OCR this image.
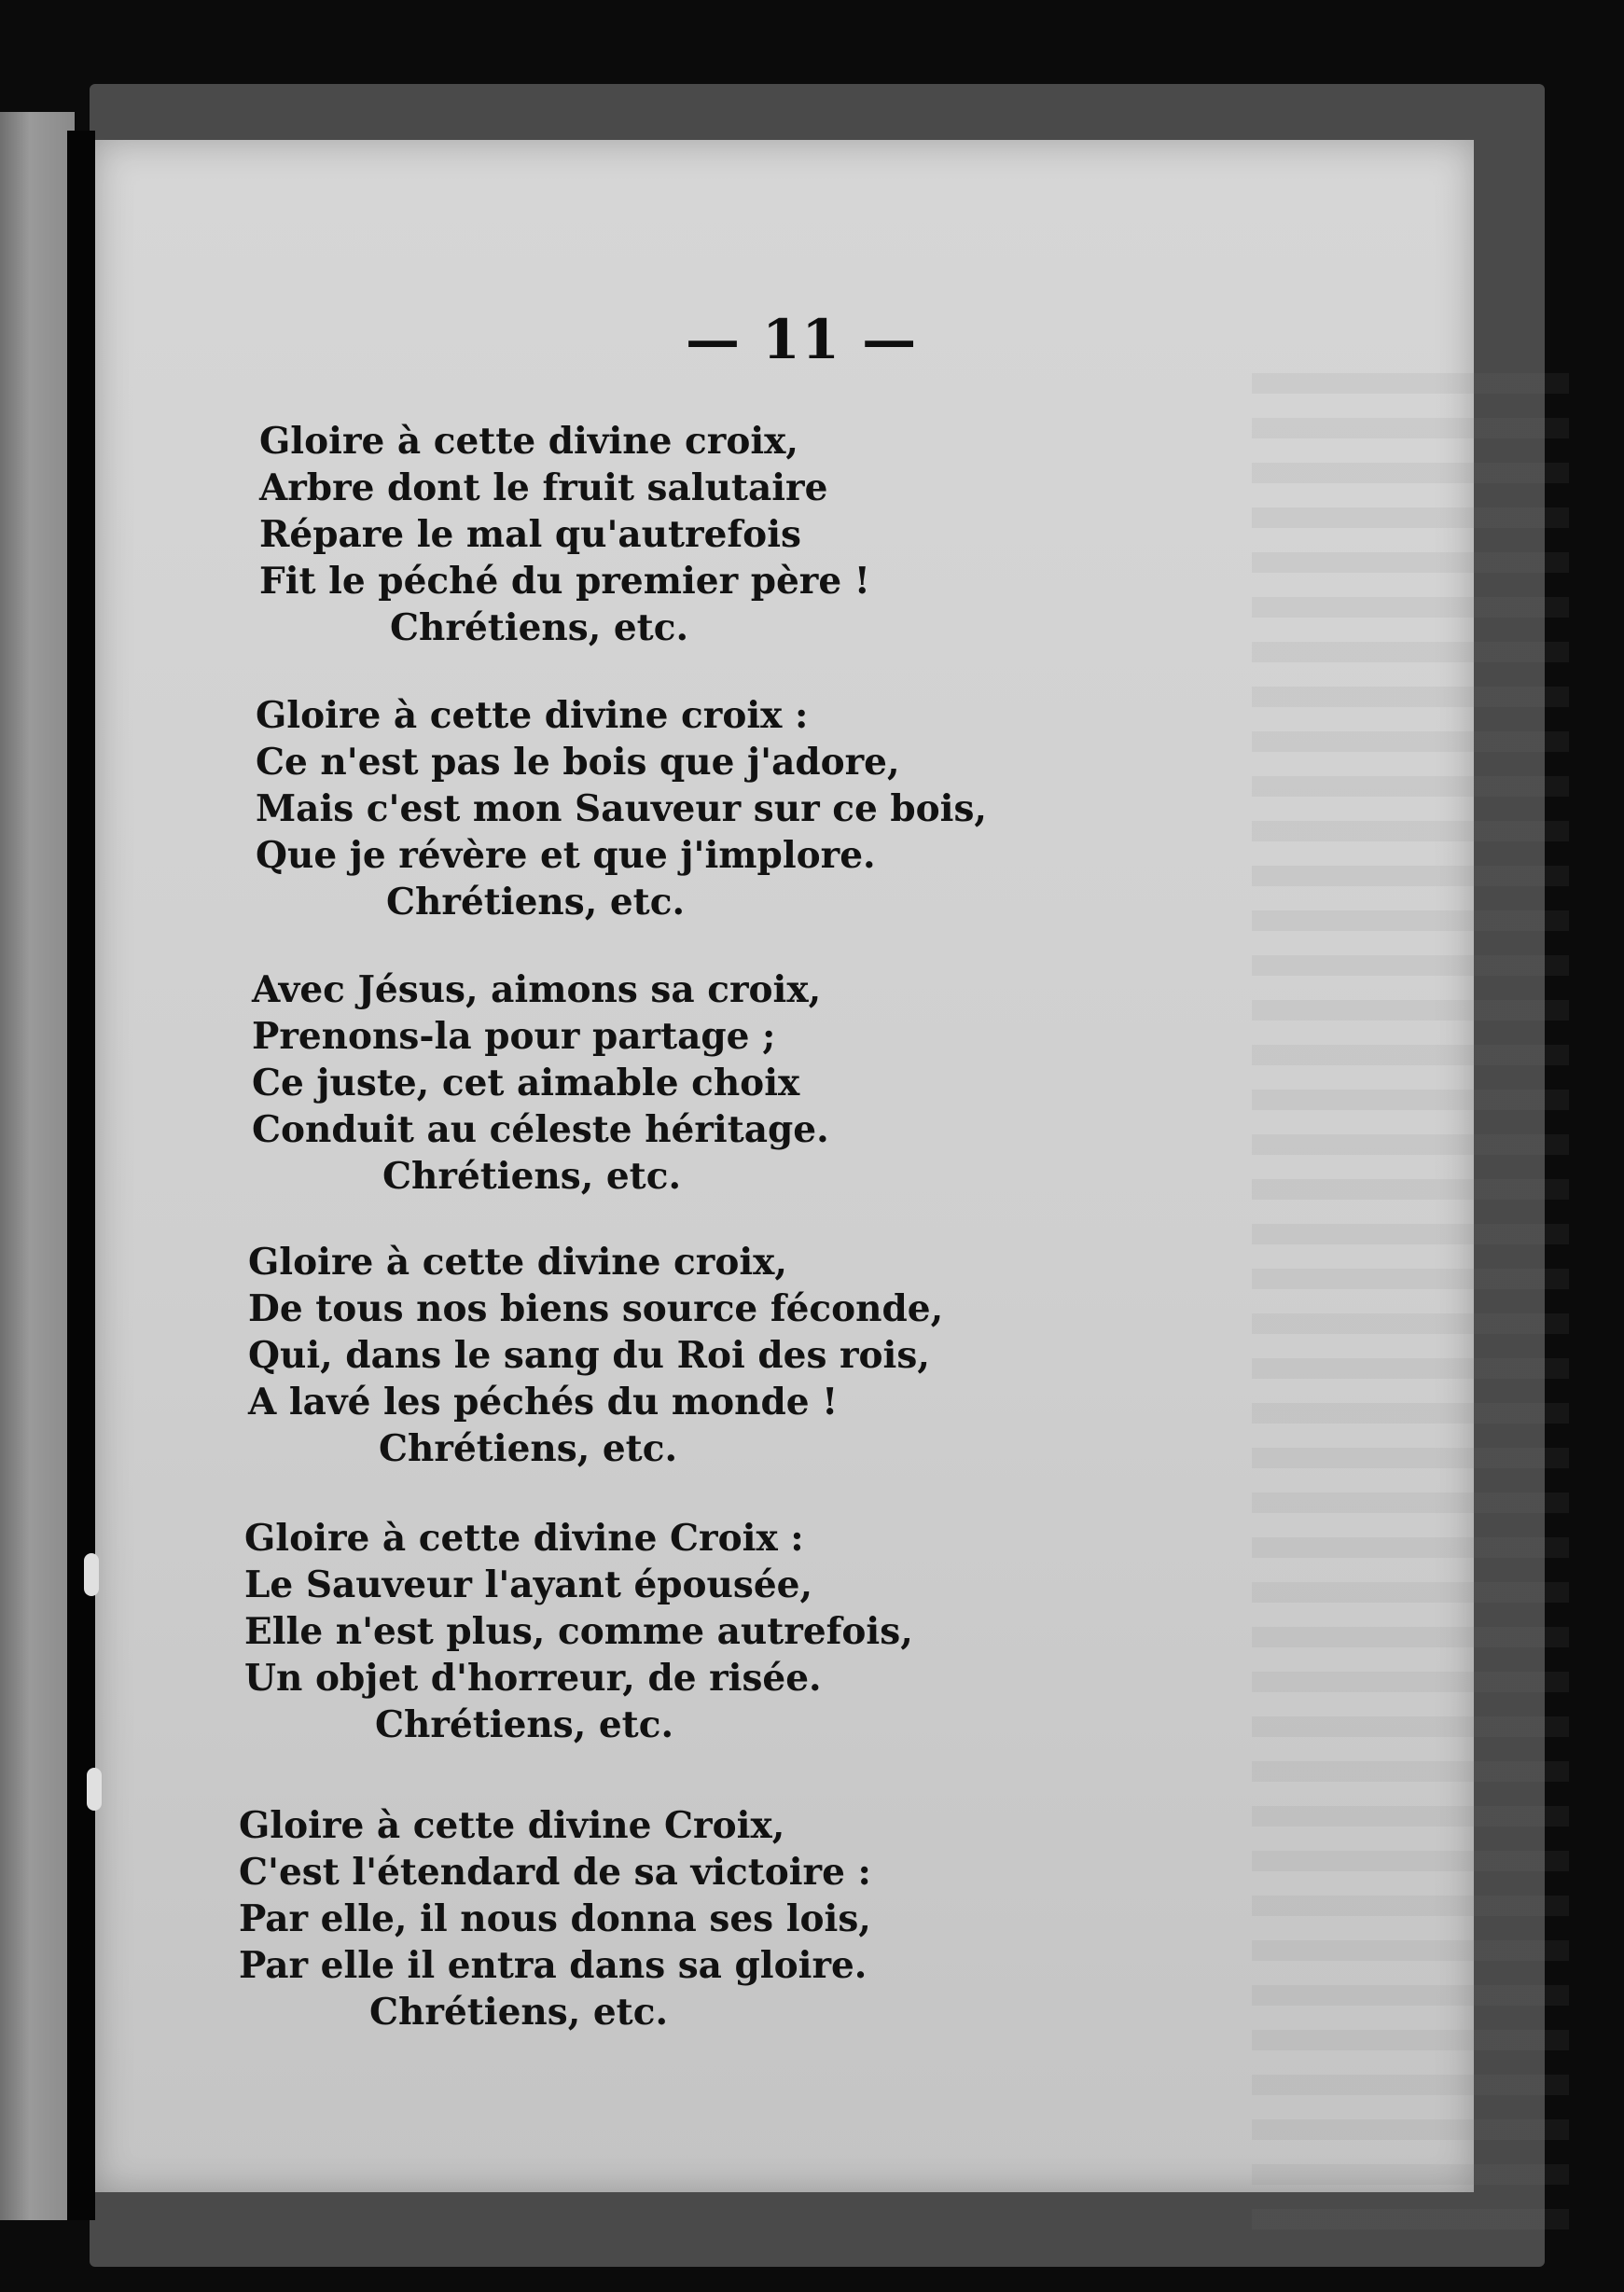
— 11 —
Gloire à cette divine croix,
Arbre dont le fruit salutaire
Répare le mal qu'autrefois
Fit le péché du premier père !
Chrétiens, etc.
Gloire à cette divine croix :
Ce n'est pas le bois que j'adore,
Mais c'est mon Sauveur sur ce bois,
Que je révère et que j'implore.
Chrétiens, etc.
Avec Jésus, aimons sa croix,
Prenons-la pour partage ;
Ce juste, cet aimable choix
Conduit au céleste héritage.
Chrétiens, etc.
Gloire à cette divine croix,
De tous nos biens source féconde,
Qui, dans le sang du Roi des rois,
A lavé les péchés du monde !
Chrétiens, etc.
Gloire à cette divine Croix :
Le Sauveur l'ayant épousée,
Elle n'est plus, comme autrefois,
Un objet d'horreur, de risée.
Chrétiens, etc.
Gloire à cette divine Croix,
C'est l'étendard de sa victoire :
Par elle, il nous donna ses lois,
Par elle il entra dans sa gloire.
Chrétiens, etc.
